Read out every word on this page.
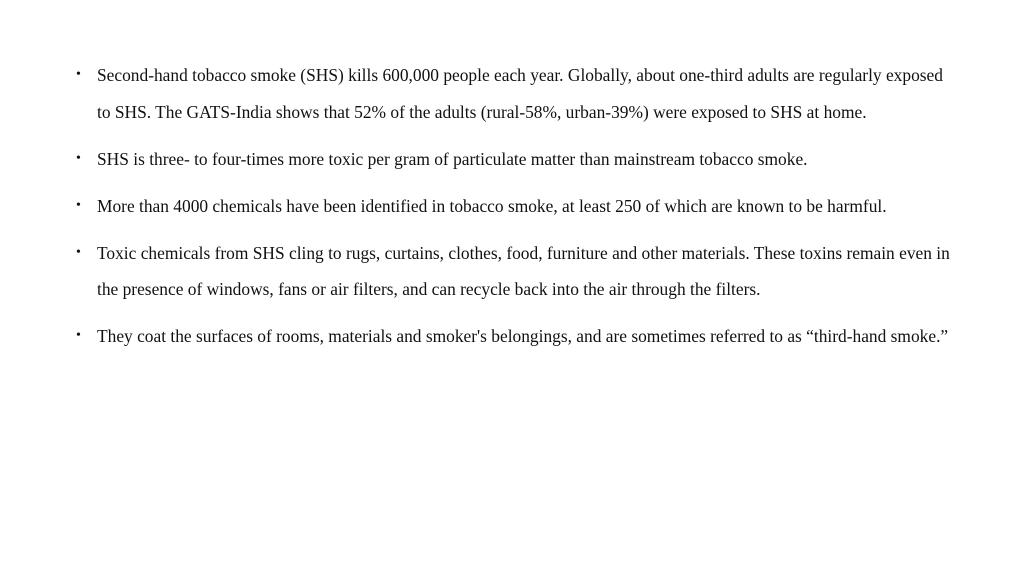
• Second-hand tobacco smoke (SHS) kills 600,000 people each year. Globally, about one-third adults are regularly exposed to SHS. The GATS-India shows that 52% of the adults (rural-58%, urban-39%) were exposed to SHS at home.
• SHS is three- to four-times more toxic per gram of particulate matter than mainstream tobacco smoke.
• More than 4000 chemicals have been identified in tobacco smoke, at least 250 of which are known to be harmful.
• Toxic chemicals from SHS cling to rugs, curtains, clothes, food, furniture and other materials. These toxins remain even in the presence of windows, fans or air filters, and can recycle back into the air through the filters.
• They coat the surfaces of rooms, materials and smoker's belongings, and are sometimes referred to as “third-hand smoke.”
